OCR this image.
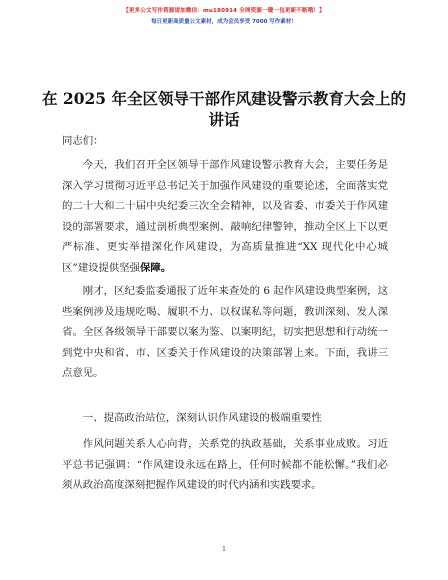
【更多公文写作资源请加微信：mu180914 全网资源一键一包更新不断哦！】
每日更新高质量公文素材，成为会员享受 7000 写作素材！
在 2025 年全区领导干部作风建设警示教育大会上的讲话
同志们：

今天，我们召开全区领导干部作风建设警示教育大会，主要任务是深入学习贯彻习近平总书记关于加强作风建设的重要论述，全面落实党的二十大和二十届中央纪委三次全会精神，以及省委、市委关于作风建设的部署要求，通过剖析典型案例、敲响纪律警钟，推动全区上下以更严标准、更实举措深化作风建设，为高质量推进“XX 现代化中心城区”建设提供坚强保障。

刚才，区纪委监委通报了近年来查处的 6 起作风建设典型案例，这些案例涉及违规吃喝、履职不力、以权谋私等问题，教训深刻、发人深省。全区各级领导干部要以案为鉴、以案明纪，切实把思想和行动统一到党中央和省、市、区委关于作风建设的决策部署上来。下面，我讲三点意见。

一、提高政治站位，深刻认识作风建设的极端重要性

作风问题关系人心向背，关系党的执政基础，关系事业成败。习近平总书记强调：“作风建设永远在路上，任何时候都不能松懈。”我们必须从政治高度深刻把握作风建设的时代内涵和实践要求。

1
